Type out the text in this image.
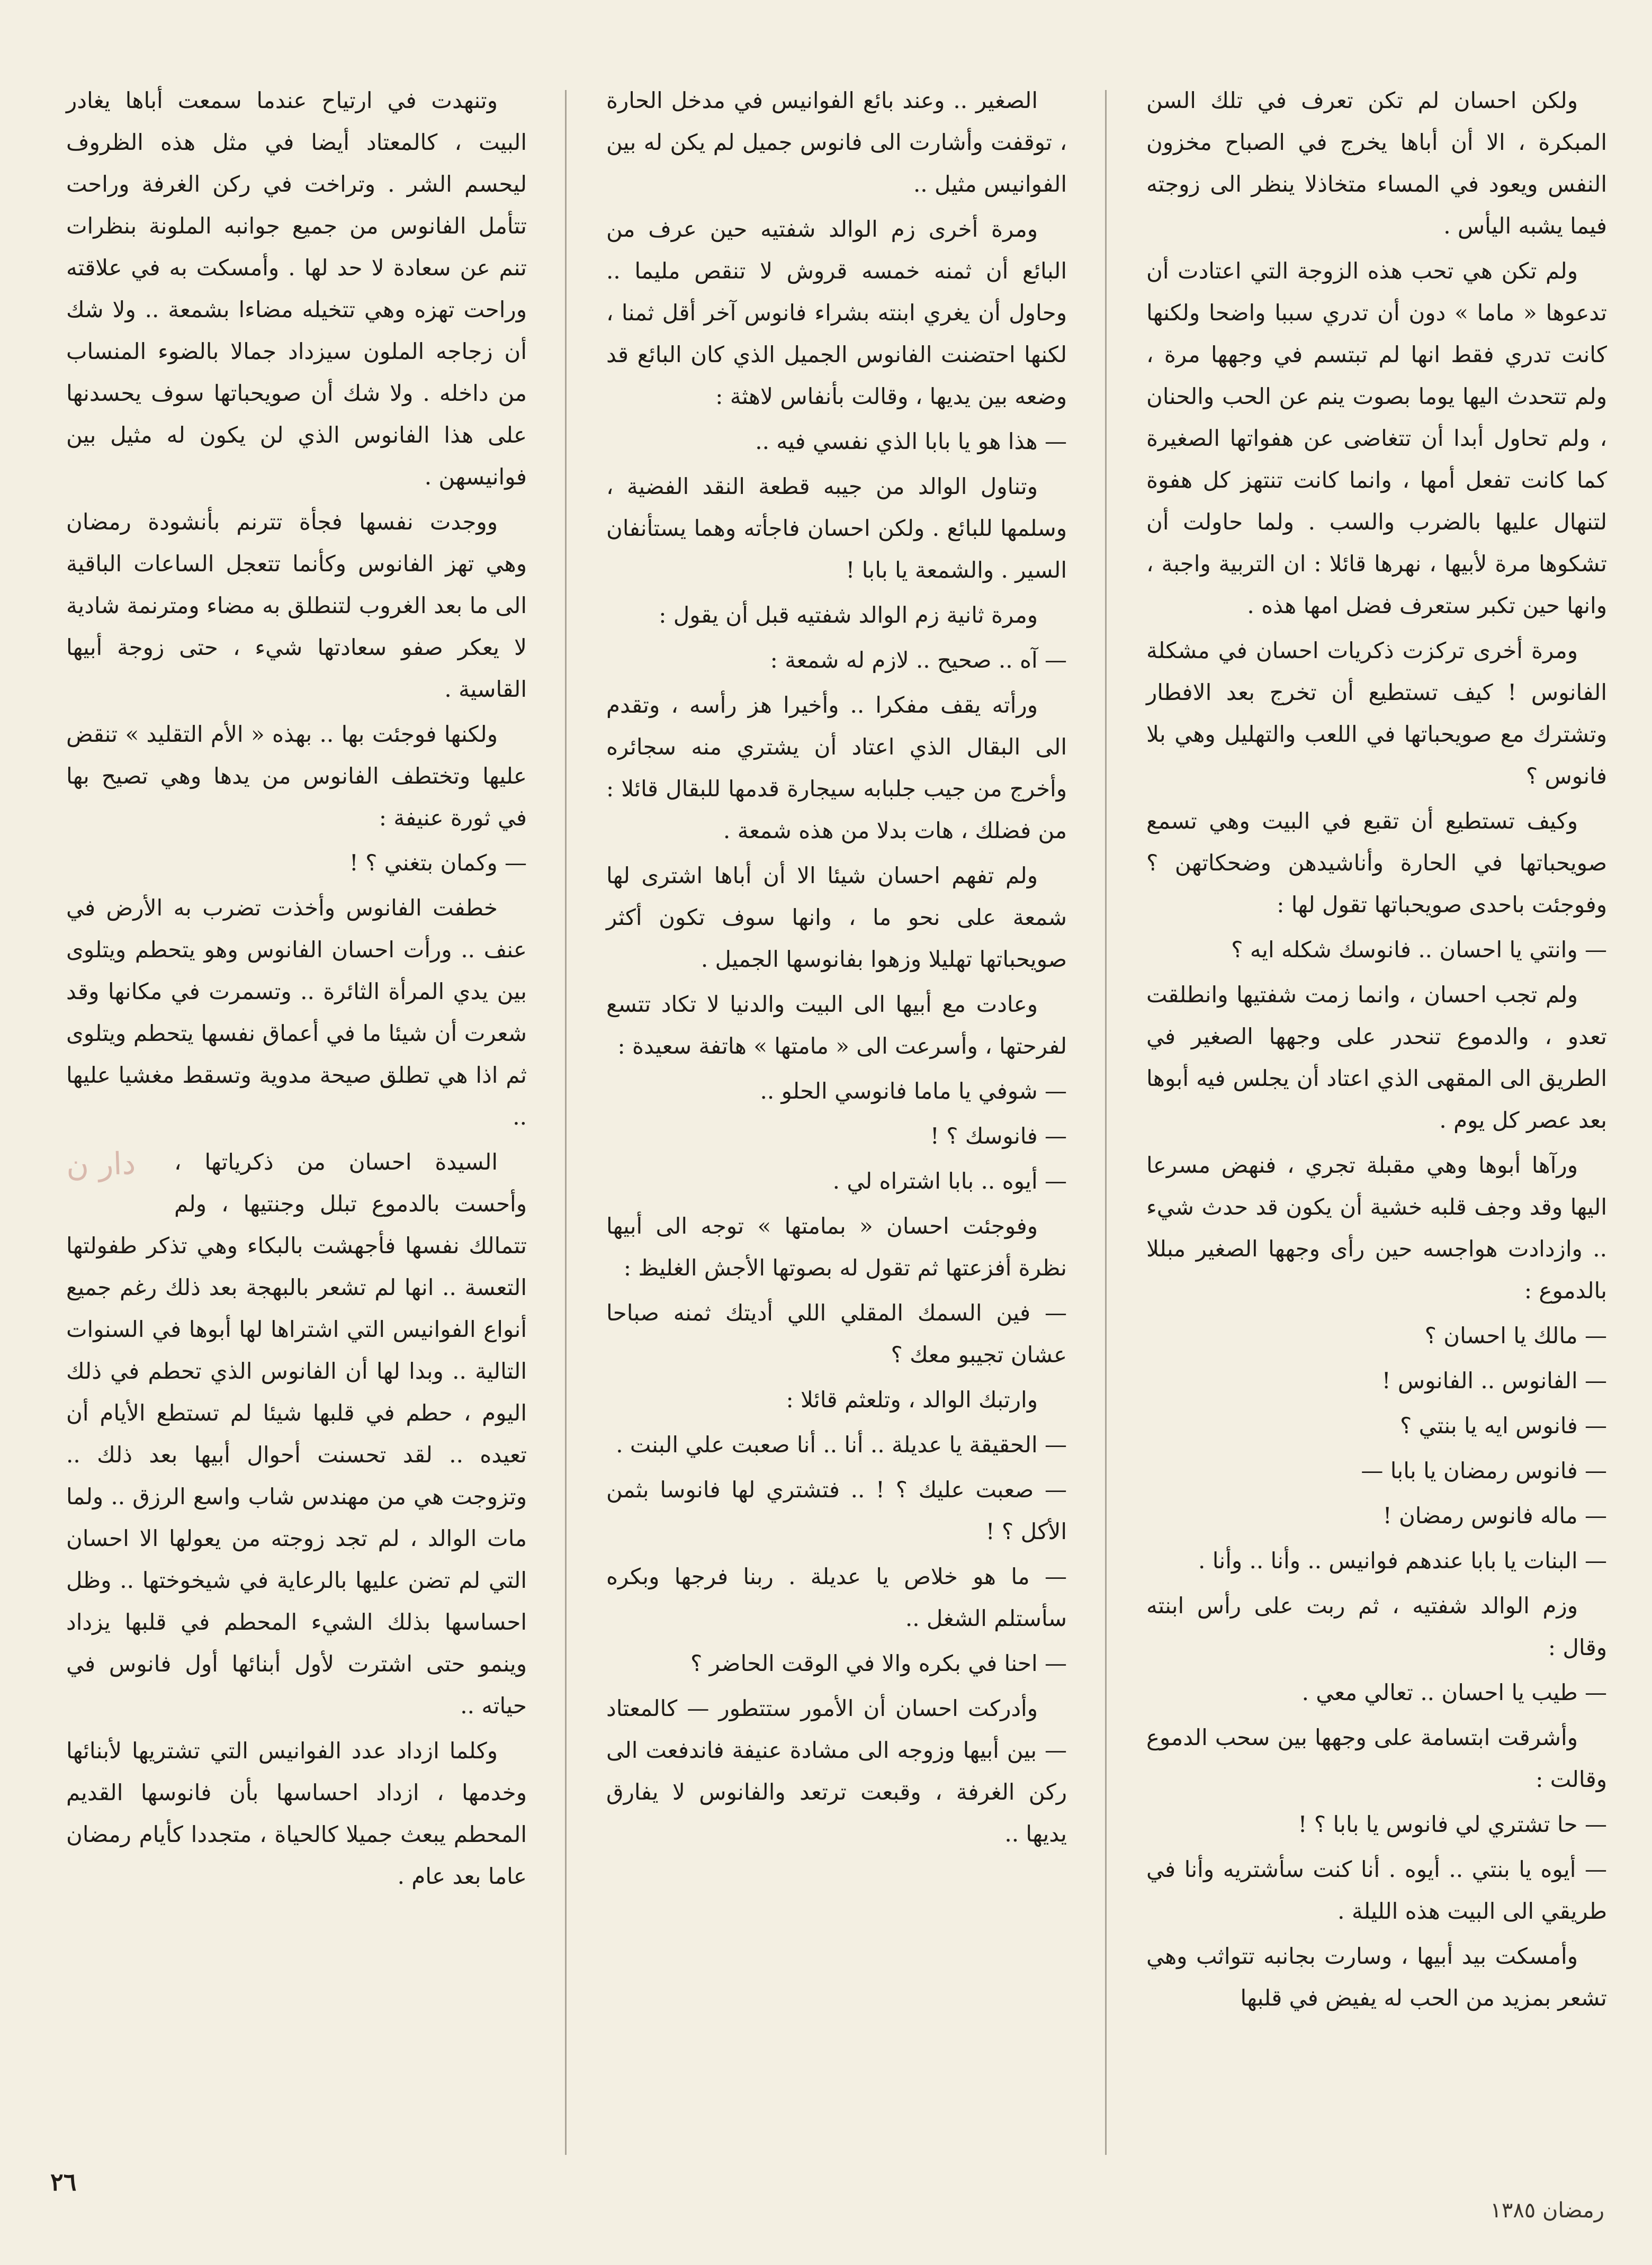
ولكن احسان لم تكن تعرف في تلك السن المبكرة ، الا أن أباها يخرج في الصباح مخزون النفس ويعود في المساء متخاذلا ينظر الى زوجته فيما يشبه اليأس .

ولم تكن هي تحب هذه الزوجة التي اعتادت أن تدعوها « ماما » دون أن تدري سببا واضحا ولكنها كانت تدري فقط انها لم تبتسم في وجهها مرة ، ولم تتحدث اليها يوما بصوت ينم عن الحب والحنان ، ولم تحاول أبدا أن تتغاضى عن هفواتها الصغيرة كما كانت تفعل أمها ، وانما كانت تنتهز كل هفوة لتنهال عليها بالضرب والسب . ولما حاولت أن تشكوها مرة لأبيها ، نهرها قائلا : ان التربية واجبة ، وانها حين تكبر ستعرف فضل امها هذه .

ومرة أخرى تركزت ذكريات احسان في مشكلة الفانوس ! كيف تستطيع أن تخرج بعد الافطار وتشترك مع صويحباتها في اللعب والتهليل وهي بلا فانوس ؟

وكيف تستطيع أن تقبع في البيت وهي تسمع صويحباتها في الحارة وأناشيدهن وضحكاتهن ؟ وفوجئت باحدى صويحباتها تقول لها :

— وانتي يا احسان .. فانوسك شكله ايه ؟

ولم تجب احسان ، وانما زمت شفتيها وانطلقت تعدو ، والدموع تنحدر على وجهها الصغير في الطريق الى المقهى الذي اعتاد أن يجلس فيه أبوها بعد عصر كل يوم .

ورآها أبوها وهي مقبلة تجري ، فنهض مسرعا اليها وقد وجف قلبه خشية أن يكون قد حدث شيء .. وازدادت هواجسه حين رأى وجهها الصغير مبللا بالدموع :

— مالك يا احسان ؟

— الفانوس .. الفانوس !

— فانوس ايه يا بنتي ؟

— فانوس رمضان يا بابا —

— ماله فانوس رمضان !

— البنات يا بابا عندهم فوانيس .. وأنا .. وأنا .

وزم الوالد شفتيه ، ثم ربت على رأس ابنته وقال :

— طيب يا احسان .. تعالي معي .

وأشرقت ابتسامة على وجهها بين سحب الدموع وقالت :

— حا تشتري لي فانوس يا بابا ؟ !

— أيوه يا بنتي .. أيوه . أنا كنت سأشتريه وأنا في طريقي الى البيت هذه الليلة .

وأمسكت بيد أبيها ، وسارت بجانبه تتواثب وهي تشعر بمزيد من الحب له يفيض في قلبها

الصغير .. وعند بائع الفوانيس في مدخل الحارة ، توقفت وأشارت الى فانوس جميل لم يكن له بين الفوانيس مثيل ..

ومرة أخرى زم الوالد شفتيه حين عرف من البائع أن ثمنه خمسه قروش لا تنقص مليما .. وحاول أن يغري ابنته بشراء فانوس آخر أقل ثمنا ، لكنها احتضنت الفانوس الجميل الذي كان البائع قد وضعه بين يديها ، وقالت بأنفاس لاهثة :

— هذا هو يا بابا الذي نفسي فيه ..

وتناول الوالد من جيبه قطعة النقد الفضية ، وسلمها للبائع . ولكن احسان فاجأته وهما يستأنفان السير . والشمعة يا بابا !

ومرة ثانية زم الوالد شفتيه قبل أن يقول :

— آه .. صحيح .. لازم له شمعة :

ورأته يقف مفكرا .. وأخيرا هز رأسه ، وتقدم الى البقال الذي اعتاد أن يشتري منه سجائره وأخرج من جيب جلبابه سيجارة قدمها للبقال قائلا : من فضلك ، هات بدلا من هذه شمعة .

ولم تفهم احسان شيئا الا أن أباها اشترى لها شمعة على نحو ما ، وانها سوف تكون أكثر صويحباتها تهليلا وزهوا بفانوسها الجميل .

وعادت مع أبيها الى البيت والدنيا لا تكاد تتسع لفرحتها ، وأسرعت الى « مامتها » هاتفة سعيدة :

— شوفي يا ماما فانوسي الحلو ..

— فانوسك ؟ !

— أيوه .. بابا اشتراه لي .

وفوجئت احسان « بمامتها » توجه الى أبيها نظرة أفزعتها ثم تقول له بصوتها الأجش الغليظ :

— فين السمك المقلي اللي أديتك ثمنه صباحا عشان تجيبو معك ؟

وارتبك الوالد ، وتلعثم قائلا :

— الحقيقة يا عديلة .. أنا .. أنا صعبت علي البنت .

— صعبت عليك ؟ ! .. فتشتري لها فانوسا بثمن الأكل ؟ !

— ما هو خلاص يا عديلة . ربنا فرجها وبكره سأستلم الشغل ..

— احنا في بكره والا في الوقت الحاضر ؟

وأدركت احسان أن الأمور ستتطور — كالمعتاد — بين أبيها وزوجه الى مشادة عنيفة فاندفعت الى ركن الغرفة ، وقبعت ترتعد والفانوس لا يفارق يديها ..

وتنهدت في ارتياح عندما سمعت أباها يغادر البيت ، كالمعتاد أيضا في مثل هذه الظروف ليحسم الشر . وتراخت في ركن الغرفة وراحت تتأمل الفانوس من جميع جوانبه الملونة بنظرات تنم عن سعادة لا حد لها . وأمسكت به في علاقته وراحت تهزه وهي تتخيله مضاءا بشمعة .. ولا شك أن زجاجه الملون سيزداد جمالا بالضوء المنساب من داخله . ولا شك أن صويحباتها سوف يحسدنها على هذا الفانوس الذي لن يكون له مثيل بين فوانيسهن .

ووجدت نفسها فجأة تترنم بأنشودة رمضان وهي تهز الفانوس وكأنما تتعجل الساعات الباقية الى ما بعد الغروب لتنطلق به مضاء ومترنمة شادية لا يعكر صفو سعادتها شيء ، حتى زوجة أبيها القاسية .

ولكنها فوجئت بها .. بهذه « الأم التقليد » تنقض عليها وتختطف الفانوس من يدها وهي تصيح بها في ثورة عنيفة :

— وكمان بتغني ؟ !

خطفت الفانوس وأخذت تضرب به الأرض في عنف .. ورأت احسان الفانوس وهو يتحطم ويتلوى بين يدي المرأة الثائرة .. وتسمرت في مكانها وقد شعرت أن شيئا ما في أعماق نفسها يتحطم ويتلوى ثم اذا هي تطلق صيحة مدوية وتسقط مغشيا عليها ..

دار ن	السيدة احسان من ذكرياتها ، وأحست بالدموع تبلل وجنتيها ، ولم تتمالك نفسها فأجهشت بالبكاء وهي تذكر طفولتها التعسة .. انها لم تشعر بالبهجة بعد ذلك رغم جميع أنواع الفوانيس التي اشتراها لها أبوها في السنوات التالية .. وبدا لها أن الفانوس الذي تحطم في ذلك اليوم ، حطم في قلبها شيئا لم تستطع الأيام أن تعيده .. لقد تحسنت أحوال أبيها بعد ذلك .. وتزوجت هي من مهندس شاب واسع الرزق .. ولما مات الوالد ، لم تجد زوجته من يعولها الا احسان التي لم تضن عليها بالرعاية في شيخوختها .. وظل احساسها بذلك الشيء المحطم في قلبها يزداد وينمو حتى اشترت لأول أبنائها أول فانوس في حياته ..

وكلما ازداد عدد الفوانيس التي تشتريها لأبنائها وخدمها ، ازداد احساسها بأن فانوسها القديم المحطم يبعث جميلا كالحياة ، متجددا كأيام رمضان عاما بعد عام .

٢٦
رمضان ١٣٨٥
